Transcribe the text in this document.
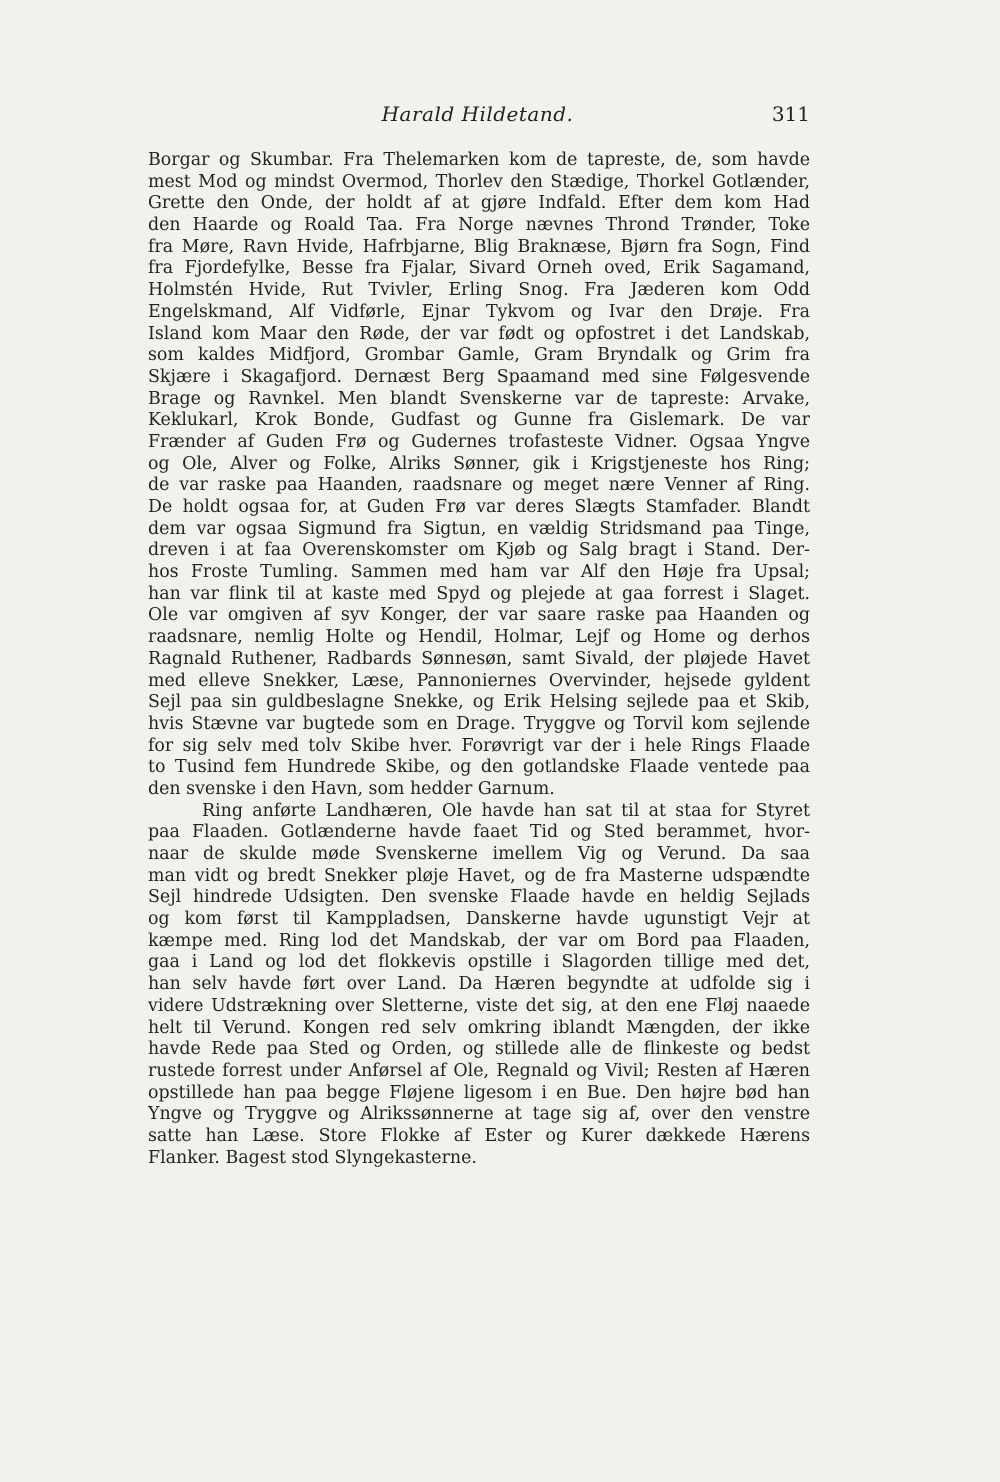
Harald Hildetand.	311
Borgar og Skumbar. Fra Thelemarken kom de tapreste, de, som havde
mest Mod og mindst Overmod, Thorlev den Stædige, Thorkel Gotlænder,
Grette den Onde, der holdt af at gjøre Indfald. Efter dem kom Had
den Haarde og Roald Taa. Fra Norge nævnes Thrond Trønder, Toke
fra Møre, Ravn Hvide, Hafrbjarne, Blig Braknæse, Bjørn fra Sogn, Find
fra Fjordefylke, Besse fra Fjalar, Sivard Orneh oved, Erik Sagamand,
Holmstén Hvide, Rut Tvivler, Erling Snog. Fra Jæderen kom Odd
Engelskmand, Alf Vidførle, Ejnar Tykvom og Ivar den Drøje. Fra
Island kom Maar den Røde, der var født og opfostret i det Landskab,
som kaldes Midfjord, Grombar Gamle, Gram Bryndalk og Grim fra
Skjære i Skagafjord. Dernæst Berg Spaamand med sine Følgesvende
Brage og Ravnkel. Men blandt Svenskerne var de tapreste: Arvake,
Keklukarl, Krok Bonde, Gudfast og Gunne fra Gislemark. De var
Frænder af Guden Frø og Gudernes trofasteste Vidner. Ogsaa Yngve
og Ole, Alver og Folke, Alriks Sønner, gik i Krigstjeneste hos Ring;
de var raske paa Haanden, raadsnare og meget nære Venner af Ring.
De holdt ogsaa for, at Guden Frø var deres Slægts Stamfader. Blandt
dem var ogsaa Sigmund fra Sigtun, en vældig Stridsmand paa Tinge,
dreven i at faa Overenskomster om Kjøb og Salg bragt i Stand. Der-
hos Froste Tumling. Sammen med ham var Alf den Høje fra Upsal;
han var flink til at kaste med Spyd og plejede at gaa forrest i Slaget.
Ole var omgiven af syv Konger, der var saare raske paa Haanden og
raadsnare, nemlig Holte og Hendil, Holmar, Lejf og Home og derhos
Ragnald Ruthener, Radbards Sønnesøn, samt Sivald, der pløjede Havet
med elleve Snekker, Læse, Pannoniernes Overvinder, hejsede gyldent
Sejl paa sin guldbeslagne Snekke, og Erik Helsing sejlede paa et Skib,
hvis Stævne var bugtede som en Drage. Tryggve og Torvil kom sejlende
for sig selv med tolv Skibe hver. Forøvrigt var der i hele Rings Flaade
to Tusind fem Hundrede Skibe, og den gotlandske Flaade ventede paa
den svenske i den Havn, som hedder Garnum.
Ring anførte Landhæren, Ole havde han sat til at staa for Styret
paa Flaaden. Gotlænderne havde faaet Tid og Sted berammet, hvor-
naar de skulde møde Svenskerne imellem Vig og Verund. Da saa
man vidt og bredt Snekker pløje Havet, og de fra Masterne udspændte
Sejl hindrede Udsigten. Den svenske Flaade havde en heldig Sejlads
og kom først til Kamppladsen, Danskerne havde ugunstigt Vejr at
kæmpe med. Ring lod det Mandskab, der var om Bord paa Flaaden,
gaa i Land og lod det flokkevis opstille i Slagorden tillige med det,
han selv havde ført over Land. Da Hæren begyndte at udfolde sig i
videre Udstrækning over Sletterne, viste det sig, at den ene Fløj naaede
helt til Verund. Kongen red selv omkring iblandt Mængden, der ikke
havde Rede paa Sted og Orden, og stillede alle de flinkeste og bedst
rustede forrest under Anførsel af Ole, Regnald og Vivil; Resten af Hæren
opstillede han paa begge Fløjene ligesom i en Bue. Den højre bød han
Yngve og Tryggve og Alrikssønnerne at tage sig af, over den venstre
satte han Læse. Store Flokke af Ester og Kurer dækkede Hærens
Flanker. Bagest stod Slyngekasterne.
